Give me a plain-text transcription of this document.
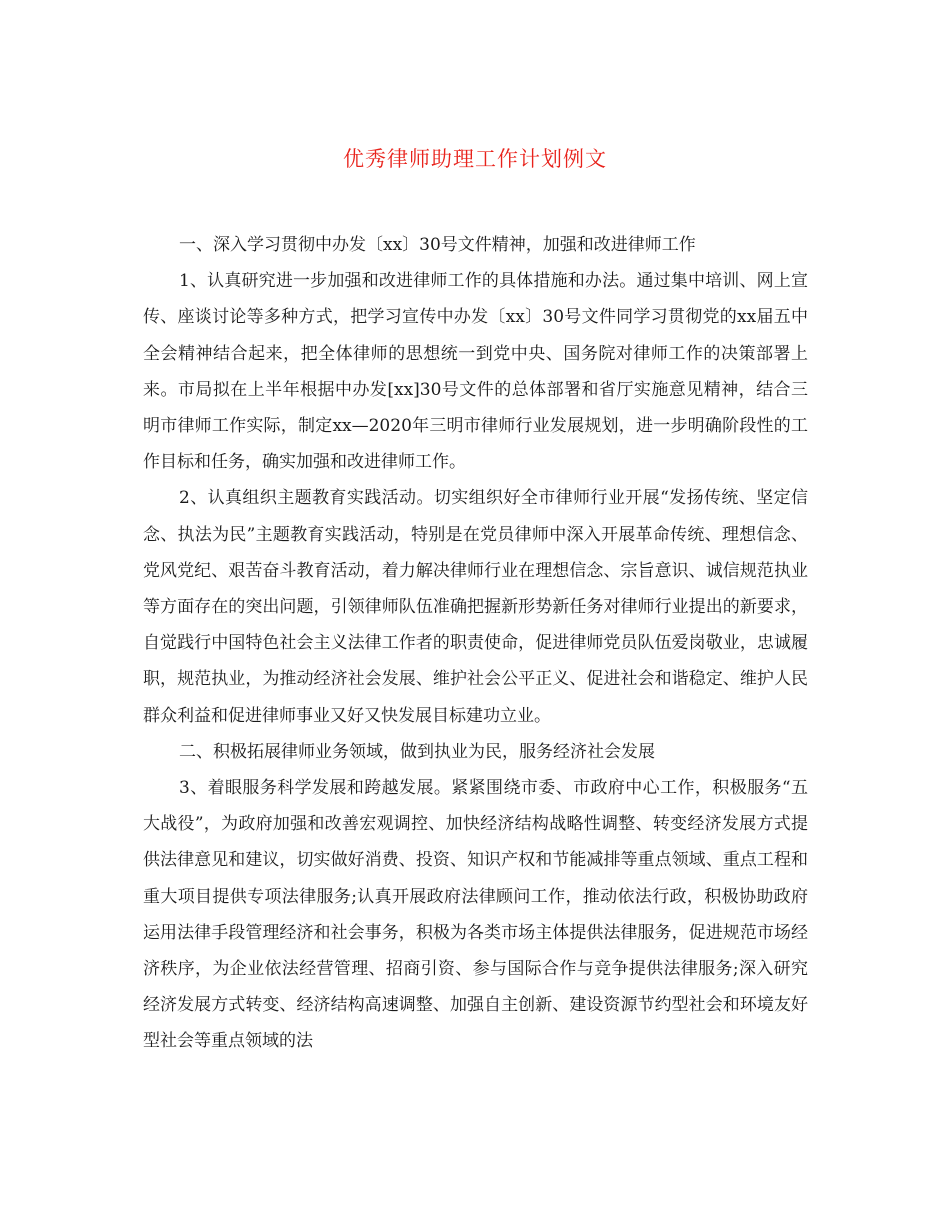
优秀律师助理工作计划例文

一、深入学习贯彻中办发〔xx〕30号文件精神，加强和改进律师工作

1、认真研究进一步加强和改进律师工作的具体措施和办法。通过集中培训、网上宣传、座谈讨论等多种方式，把学习宣传中办发〔xx〕30号文件同学习贯彻党的xx届五中全会精神结合起来，把全体律师的思想统一到党中央、国务院对律师工作的决策部署上来。市局拟在上半年根据中办发[xx]30号文件的总体部署和省厅实施意见精神，结合三明市律师工作实际，制定xx—2020年三明市律师行业发展规划，进一步明确阶段性的工作目标和任务，确实加强和改进律师工作。

2、认真组织主题教育实践活动。切实组织好全市律师行业开展“发扬传统、坚定信念、执法为民”主题教育实践活动，特别是在党员律师中深入开展革命传统、理想信念、党风党纪、艰苦奋斗教育活动，着力解决律师行业在理想信念、宗旨意识、诚信规范执业等方面存在的突出问题，引领律师队伍准确把握新形势新任务对律师行业提出的新要求，自觉践行中国特色社会主义法律工作者的职责使命，促进律师党员队伍爱岗敬业，忠诚履职，规范执业，为推动经济社会发展、维护社会公平正义、促进社会和谐稳定、维护人民群众利益和促进律师事业又好又快发展目标建功立业。

二、积极拓展律师业务领域，做到执业为民，服务经济社会发展

3、着眼服务科学发展和跨越发展。紧紧围绕市委、市政府中心工作，积极服务“五大战役”，为政府加强和改善宏观调控、加快经济结构战略性调整、转变经济发展方式提供法律意见和建议，切实做好消费、投资、知识产权和节能减排等重点领域、重点工程和重大项目提供专项法律服务;认真开展政府法律顾问工作，推动依法行政，积极协助政府运用法律手段管理经济和社会事务，积极为各类市场主体提供法律服务，促进规范市场经济秩序，为企业依法经营管理、招商引资、参与国际合作与竞争提供法律服务;深入研究经济发展方式转变、经济结构高速调整、加强自主创新、建设资源节约型社会和环境友好型社会等重点领域的法
